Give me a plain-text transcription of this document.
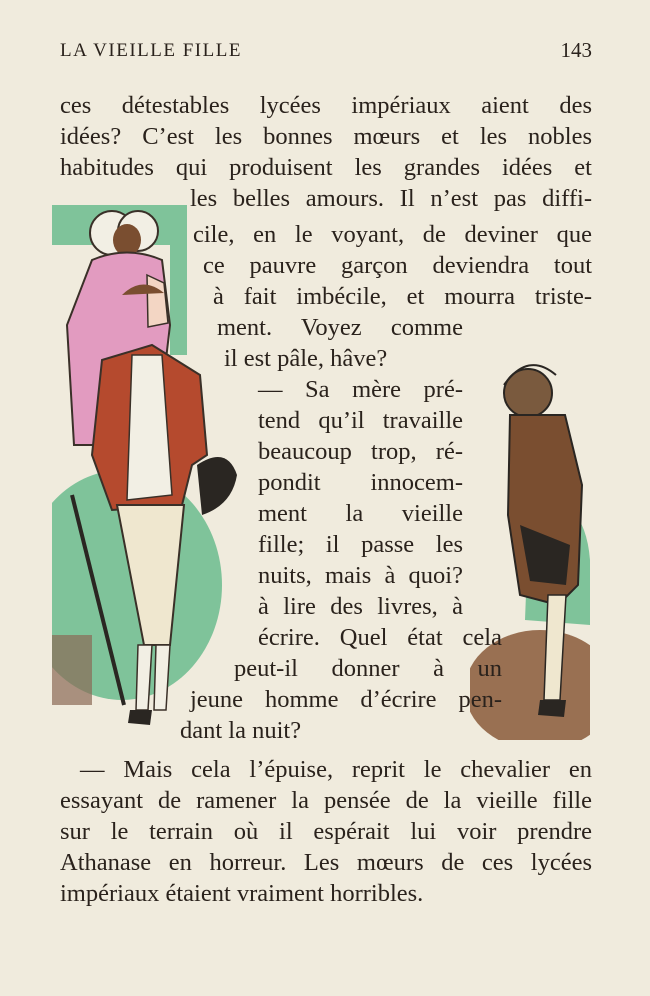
LA VIEILLE FILLE	143
ces détestables lycées impériaux aient des
idées? C’est les bonnes mœurs et les nobles
habitudes qui produisent les grandes idées et
les belles amours. Il n’est pas diffi-
cile, en le voyant, de deviner que
ce pauvre garçon deviendra tout
à fait imbécile, et mourra triste-
ment. Voyez comme
il est pâle, hâve?
— Sa mère pré-
tend qu’il travaille
beaucoup trop, ré-
pondit innocem-
ment la vieille
fille; il passe les
nuits, mais à quoi?
à lire des livres, à
écrire. Quel état cela
peut-il donner à un
jeune homme d’écrire pen-
dant la nuit?
— Mais cela l’épuise, reprit le chevalier en
essayant de ramener la pensée de la vieille fille
sur le terrain où il espérait lui voir prendre
Athanase en horreur. Les mœurs de ces lycées
impériaux étaient vraiment horribles.
